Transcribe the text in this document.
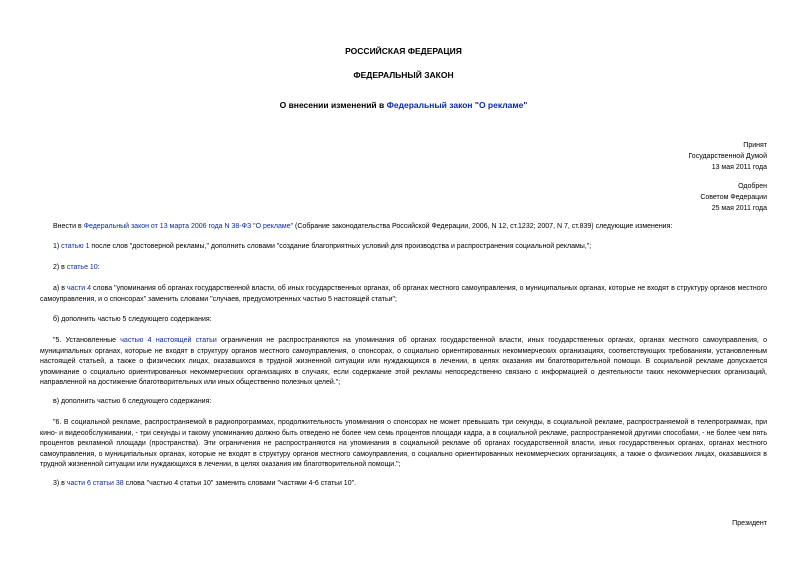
РОССИЙСКАЯ ФЕДЕРАЦИЯ
ФЕДЕРАЛЬНЫЙ ЗАКОН
О внесении изменений в Федеральный закон "О рекламе"
Принят
Государственной Думой
13 мая 2011 года
Одобрен
Советом Федерации
25 мая 2011 года
Внести в Федеральный закон от 13 марта 2006 года N 38-ФЗ "О рекламе" (Собрание законодательства Российской Федерации, 2006, N 12, ст.1232; 2007, N 7, ст.839) следующие изменения:
1) статью 1 после слов "достоверной рекламы," дополнить словами "создание благоприятных условий для производства и распространения социальной рекламы,";
2) в статье 10:
а) в части 4 слова "упоминания об органах государственной власти, об иных государственных органах, об органах местного самоуправления, о муниципальных органах, которые не входят в структуру органов местного самоуправления, и о спонсорах" заменить словами "случаев, предусмотренных частью 5 настоящей статьи";
б) дополнить частью 5 следующего содержания:
"5. Установленные частью 4 настоящей статьи ограничения не распространяются на упоминания об органах государственной власти, иных государственных органах, органах местного самоуправления, о муниципальных органах, которые не входят в структуру органов местного самоуправления, о спонсорах, о социально ориентированных некоммерческих организациях, соответствующих требованиям, установленным настоящей статьей, а также о физических лицах, оказавшихся в трудной жизненной ситуации или нуждающихся в лечении, в целях оказания им благотворительной помощи. В социальной рекламе допускается упоминание о социально ориентированных некоммерческих организациях в случаях, если содержание этой рекламы непосредственно связано с информацией о деятельности таких некоммерческих организаций, направленной на достижение благотворительных или иных общественно полезных целей.";
в) дополнить частью 6 следующего содержания:
"6. В социальной рекламе, распространяемой в радиопрограммах, продолжительность упоминания о спонсорах не может превышать три секунды, в социальной рекламе, распространяемой в телепрограммах, при кино- и видеообслуживании, - три секунды и такому упоминанию должно быть отведено не более чем семь процентов площади кадра, а в социальной рекламе, распространяемой другими способами, - не более чем пять процентов рекламной площади (пространства). Эти ограничения не распространяются на упоминания в социальной рекламе об органах государственной власти, иных государственных органах, органах местного самоуправления, о муниципальных органах, которые не входят в структуру органов местного самоуправления, о социально ориентированных некоммерческих организациях, а также о физических лицах, оказавшихся в трудной жизненной ситуации или нуждающихся в лечении, в целях оказания им благотворительной помощи.";
3) в части 6 статьи 38 слова "частью 4 статьи 10" заменить словами "частями 4-6 статьи 10".
Президент
